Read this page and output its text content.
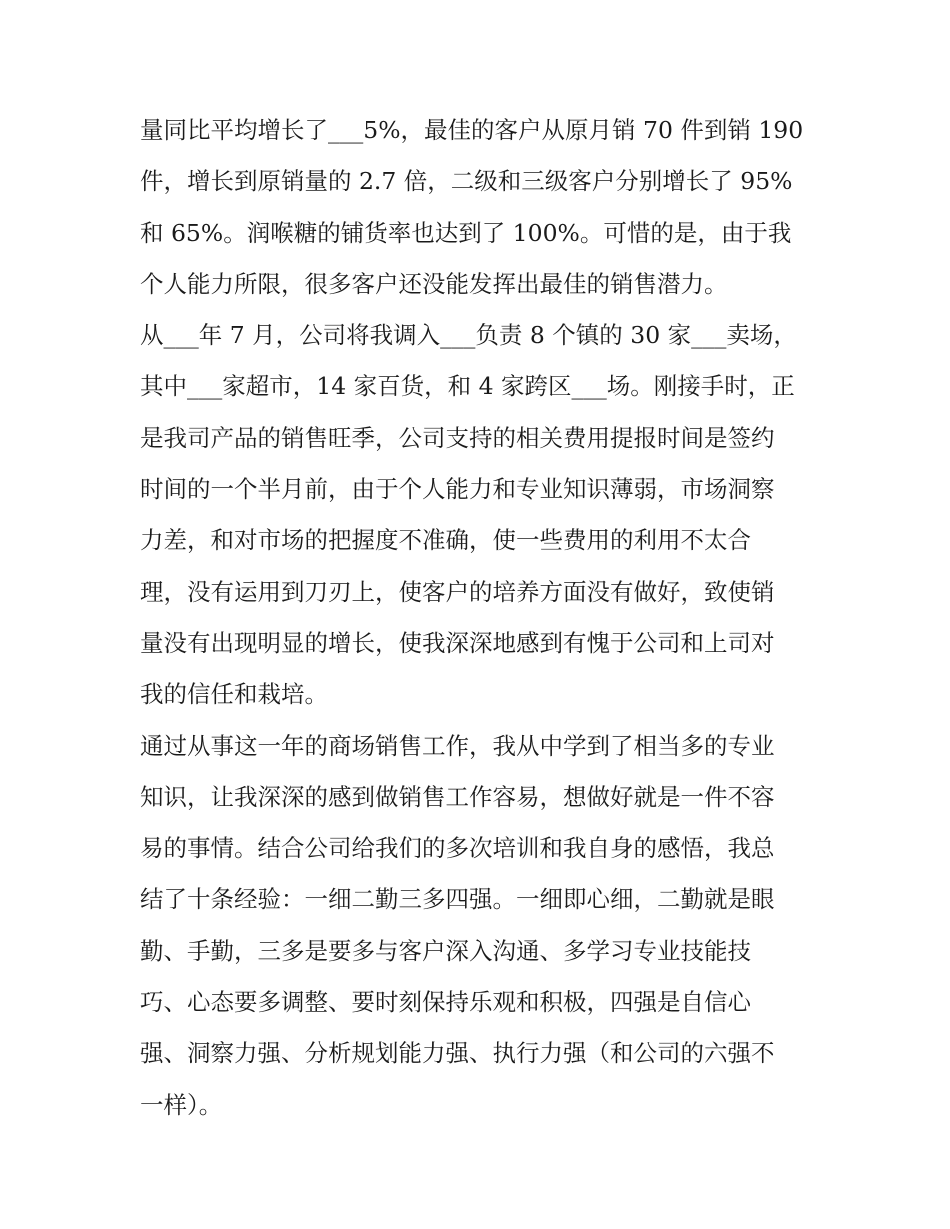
量同比平均增长了___5%，最佳的客户从原月销 70 件到销 190
件，增长到原销量的 2.7 倍，二级和三级客户分别增长了 95%
和 65%。润喉糖的铺货率也达到了 100%。可惜的是，由于我
个人能力所限，很多客户还没能发挥出最佳的销售潜力。
从___年 7 月，公司将我调入___负责 8 个镇的 30 家___卖场，
其中___家超市，14 家百货，和 4 家跨区___场。刚接手时，正
是我司产品的销售旺季，公司支持的相关费用提报时间是签约
时间的一个半月前，由于个人能力和专业知识薄弱，市场洞察
力差，和对市场的把握度不准确，使一些费用的利用不太合
理，没有运用到刀刃上，使客户的培养方面没有做好，致使销
量没有出现明显的增长，使我深深地感到有愧于公司和上司对
我的信任和栽培。
通过从事这一年的商场销售工作，我从中学到了相当多的专业
知识，让我深深的感到做销售工作容易，想做好就是一件不容
易的事情。结合公司给我们的多次培训和我自身的感悟，我总
结了十条经验：一细二勤三多四强。一细即心细，二勤就是眼
勤、手勤，三多是要多与客户深入沟通、多学习专业技能技
巧、心态要多调整、要时刻保持乐观和积极，四强是自信心
强、洞察力强、分析规划能力强、执行力强（和公司的六强不
一样）。
